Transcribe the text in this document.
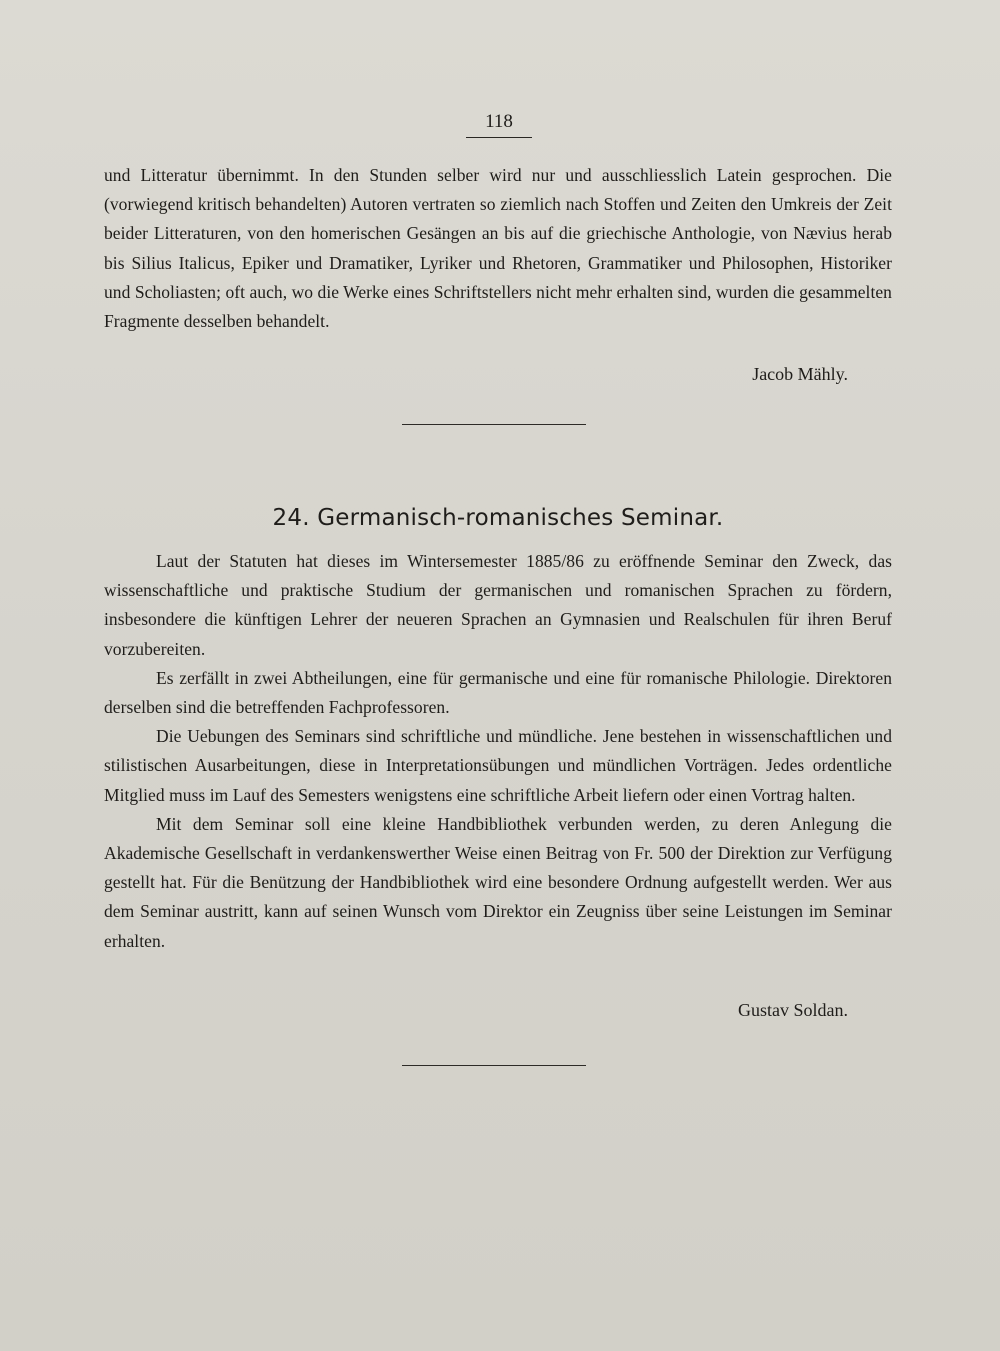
118

und Litteratur übernimmt. In den Stunden selber wird nur und ausschliesslich Latein gesprochen. Die (vorwiegend kritisch behandelten) Autoren vertraten so ziemlich nach Stoffen und Zeiten den Umkreis der Zeit beider Litteraturen, von den homerischen Gesängen an bis auf die griechische Anthologie, von Nævius herab bis Silius Italicus, Epiker und Dramatiker, Lyriker und Rhetoren, Grammatiker und Philosophen, Historiker und Scholiasten; oft auch, wo die Werke eines Schriftstellers nicht mehr erhalten sind, wurden die gesammelten Fragmente desselben behandelt.

Jacob Mähly.
24. Germanisch-romanisches Seminar.

Laut der Statuten hat dieses im Wintersemester 1885/86 zu eröffnende Seminar den Zweck, das wissenschaftliche und praktische Studium der germanischen und romanischen Sprachen zu fördern, insbesondere die künftigen Lehrer der neueren Sprachen an Gymnasien und Realschulen für ihren Beruf vorzubereiten.

Es zerfällt in zwei Abtheilungen, eine für germanische und eine für romanische Philologie. Direktoren derselben sind die betreffenden Fachprofessoren.

Die Uebungen des Seminars sind schriftliche und mündliche. Jene bestehen in wissenschaftlichen und stilistischen Ausarbeitungen, diese in Interpretationsübungen und mündlichen Vorträgen. Jedes ordentliche Mitglied muss im Lauf des Semesters wenigstens eine schriftliche Arbeit liefern oder einen Vortrag halten.

Mit dem Seminar soll eine kleine Handbibliothek verbunden werden, zu deren Anlegung die Akademische Gesellschaft in verdankenswerther Weise einen Beitrag von Fr. 500 der Direktion zur Verfügung gestellt hat. Für die Benützung der Handbibliothek wird eine besondere Ordnung aufgestellt werden. Wer aus dem Seminar austritt, kann auf seinen Wunsch vom Direktor ein Zeugniss über seine Leistungen im Seminar erhalten.

Gustav Soldan.
